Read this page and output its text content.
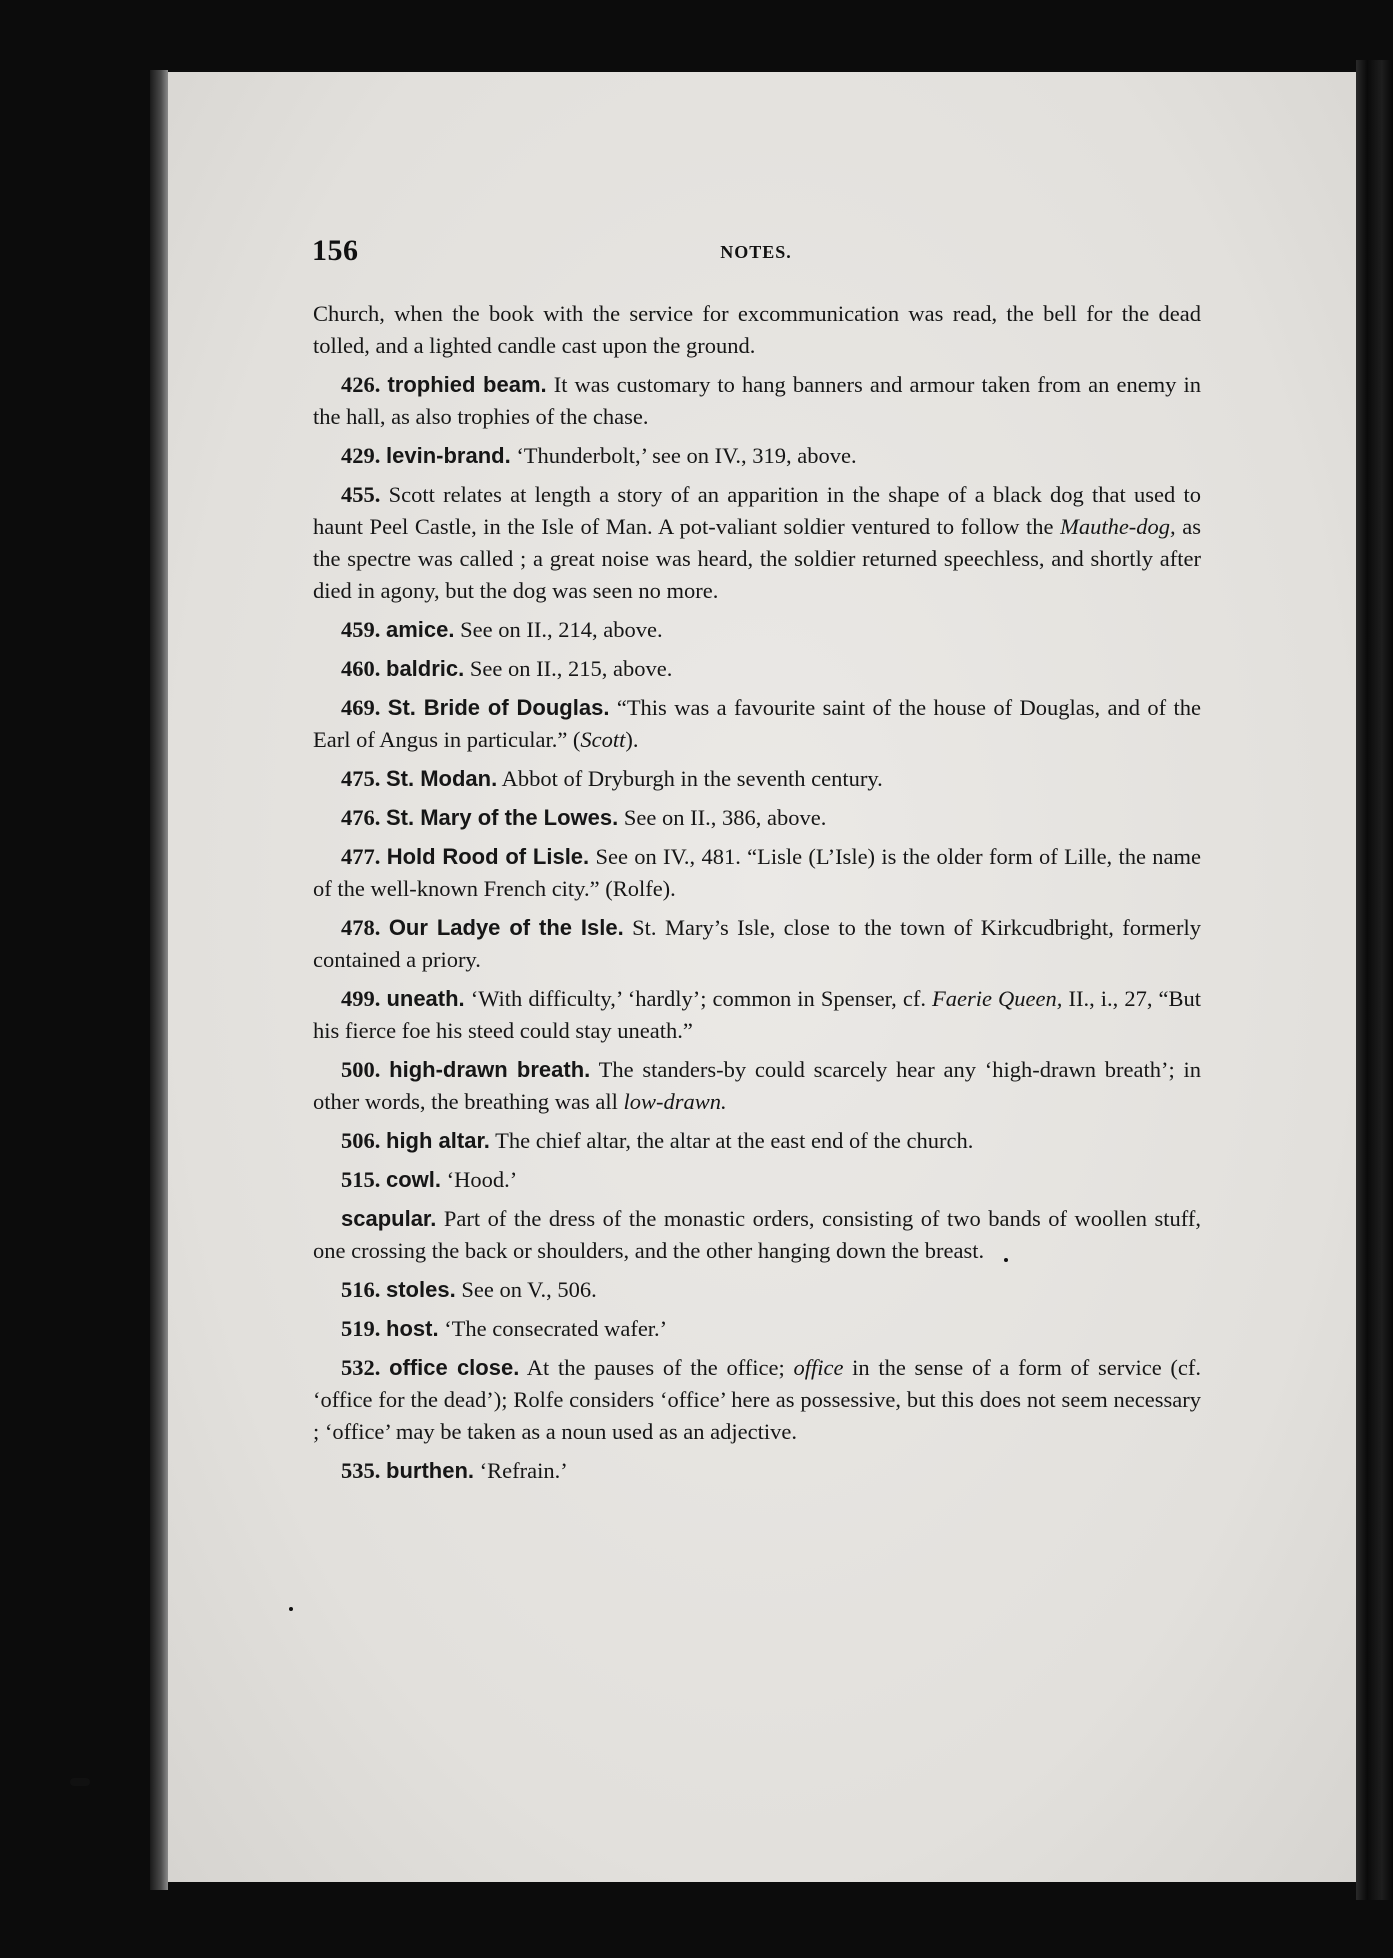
156	NOTES.

Church, when the book with the service for excommunication was read, the bell for the dead tolled, and a lighted candle cast upon the ground.

426. trophied beam. It was customary to hang banners and armour taken from an enemy in the hall, as also trophies of the chase.

429. levin-brand. ‘Thunderbolt,’ see on IV., 319, above.

455. Scott relates at length a story of an apparition in the shape of a black dog that used to haunt Peel Castle, in the Isle of Man. A pot-valiant soldier ventured to follow the Mauthe-dog, as the spectre was called ; a great noise was heard, the soldier returned speechless, and shortly after died in agony, but the dog was seen no more.

459. amice. See on II., 214, above.

460. baldric. See on II., 215, above.

469. St. Bride of Douglas. “This was a favourite saint of the house of Douglas, and of the Earl of Angus in particular.” (Scott).

475. St. Modan. Abbot of Dryburgh in the seventh century.

476. St. Mary of the Lowes. See on II., 386, above.

477. Hold Rood of Lisle. See on IV., 481. “Lisle (L’Isle) is the older form of Lille, the name of the well-known French city.” (Rolfe).

478. Our Ladye of the Isle. St. Mary’s Isle, close to the town of Kirkcudbright, formerly contained a priory.

499. uneath. ‘With difficulty,’ ‘hardly’; common in Spenser, cf. Faerie Queen, II., i., 27, “But his fierce foe his steed could stay uneath.”

500. high-drawn breath. The standers-by could scarcely hear any ‘high-drawn breath’; in other words, the breathing was all low-drawn.

506. high altar. The chief altar, the altar at the east end of the church.

515. cowl. ‘Hood.’

scapular. Part of the dress of the monastic orders, consisting of two bands of woollen stuff, one crossing the back or shoulders, and the other hanging down the breast.

516. stoles. See on V., 506.

519. host. ‘The consecrated wafer.’

532. office close. At the pauses of the office; office in the sense of a form of service (cf. ‘office for the dead’); Rolfe considers ‘office’ here as possessive, but this does not seem necessary ; ‘office’ may be taken as a noun used as an adjective.

535. burthen. ‘Refrain.’
